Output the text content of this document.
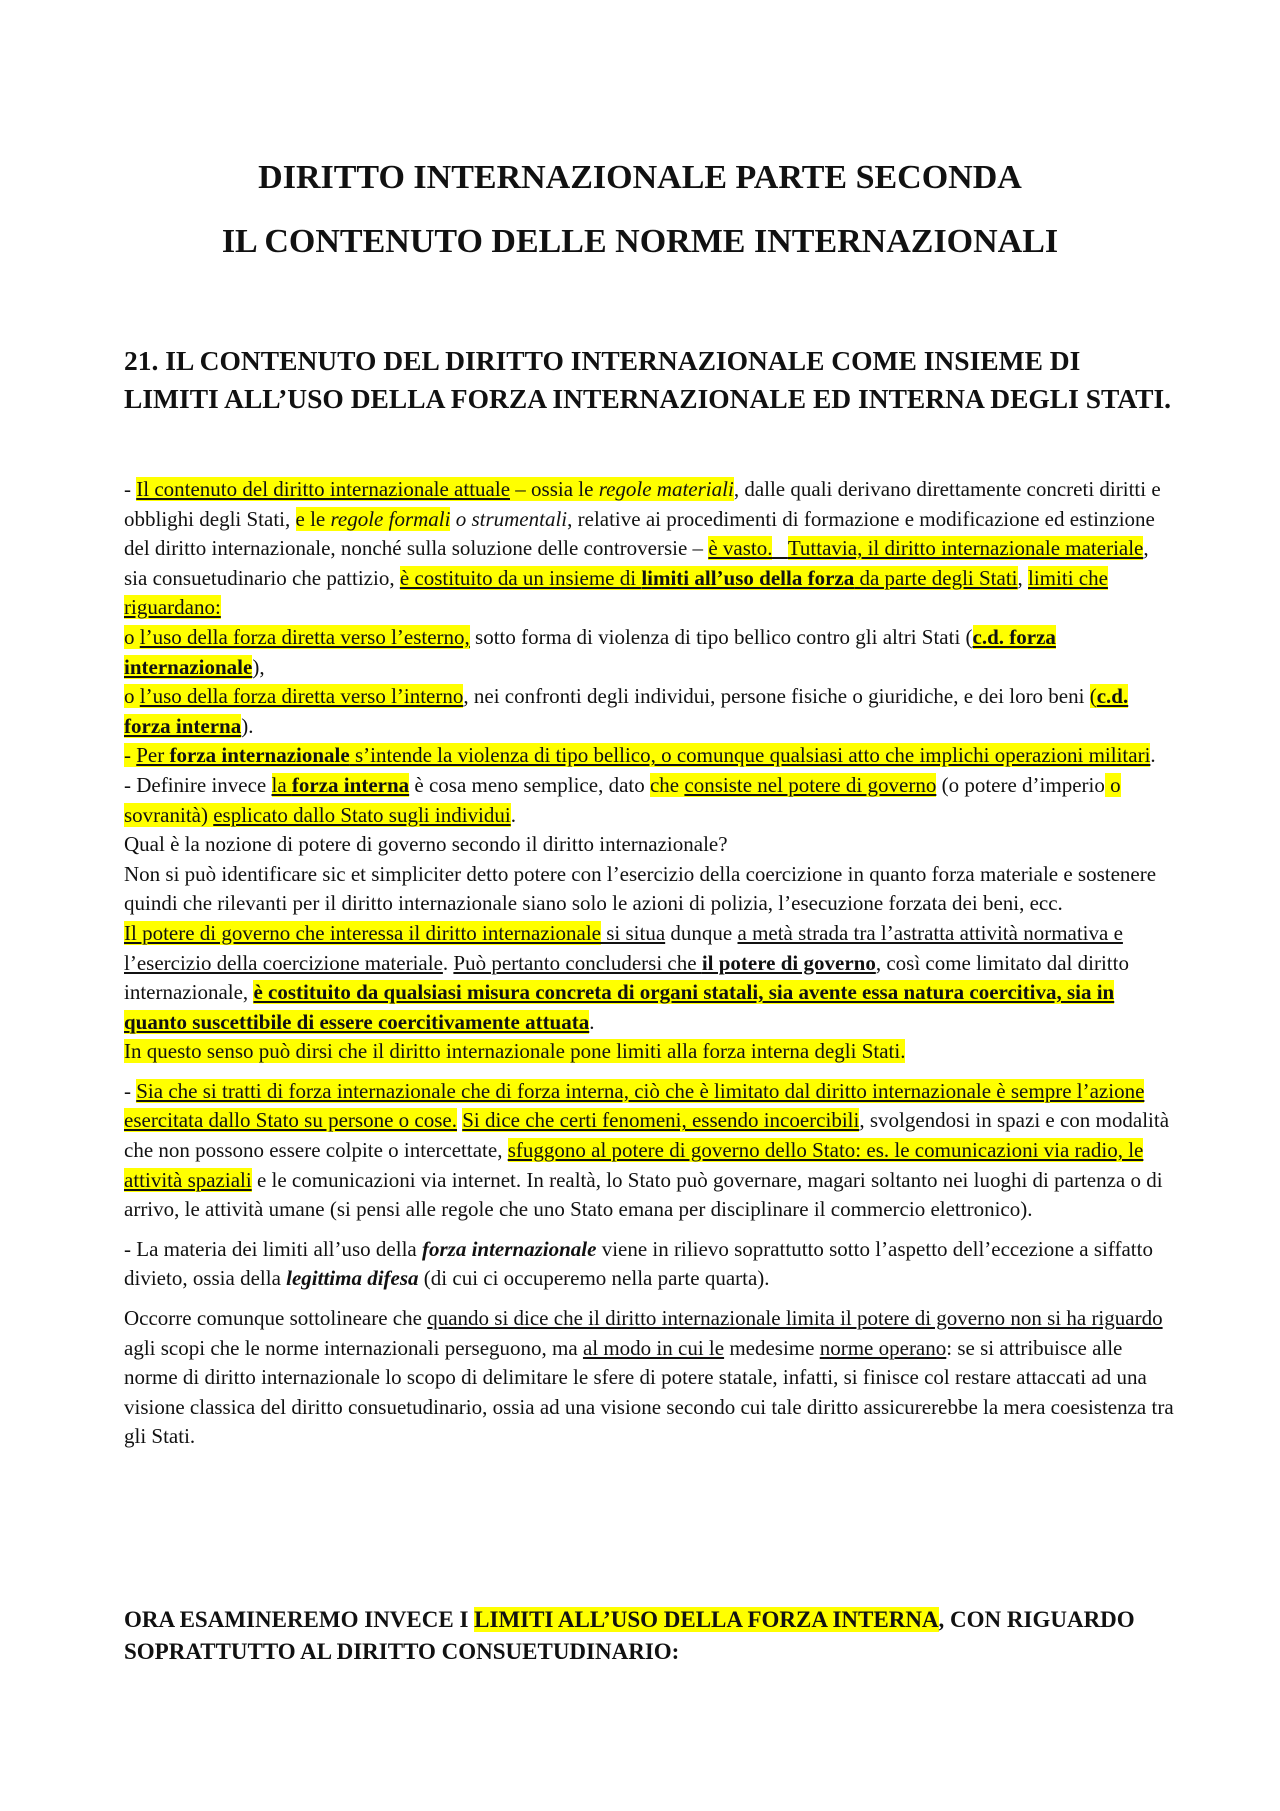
DIRITTO INTERNAZIONALE PARTE SECONDA
IL CONTENUTO DELLE NORME INTERNAZIONALI
21. IL CONTENUTO DEL DIRITTO INTERNAZIONALE COME INSIEME DI LIMITI ALL’USO DELLA FORZA INTERNAZIONALE ED INTERNA DEGLI STATI.

- Il contenuto del diritto internazionale attuale – ossia le regole materiali, dalle quali derivano direttamente concreti diritti e obblighi degli Stati, e le regole formali o strumentali, relative ai procedimenti di formazione e modificazione ed estinzione del diritto internazionale, nonché sulla soluzione delle controversie – è vasto. Tuttavia, il diritto internazionale materiale, sia consuetudinario che pattizio, è costituito da un insieme di limiti all’uso della forza da parte degli Stati, limiti che riguardano:

o l’uso della forza diretta verso l’esterno, sotto forma di violenza di tipo bellico contro gli altri Stati (c.d. forza internazionale),

o l’uso della forza diretta verso l’interno, nei confronti degli individui, persone fisiche o giuridiche, e dei loro beni (c.d. forza interna).

- Per forza internazionale s’intende la violenza di tipo bellico, o comunque qualsiasi atto che implichi operazioni militari.

- Definire invece la forza interna è cosa meno semplice, dato che consiste nel potere di governo (o potere d’imperio o sovranità) esplicato dallo Stato sugli individui.

Qual è la nozione di potere di governo secondo il diritto internazionale?

Non si può identificare sic et simpliciter detto potere con l’esercizio della coercizione in quanto forza materiale e sostenere quindi che rilevanti per il diritto internazionale siano solo le azioni di polizia, l’esecuzione forzata dei beni, ecc.

Il potere di governo che interessa il diritto internazionale si situa dunque a metà strada tra l’astratta attività normativa e l’esercizio della coercizione materiale. Può pertanto concludersi che il potere di governo, così come limitato dal diritto internazionale, è costituito da qualsiasi misura concreta di organi statali, sia avente essa natura coercitiva, sia in quanto suscettibile di essere coercitivamente attuata.

In questo senso può dirsi che il diritto internazionale pone limiti alla forza interna degli Stati.

- Sia che si tratti di forza internazionale che di forza interna, ciò che è limitato dal diritto internazionale è sempre l’azione esercitata dallo Stato su persone o cose. Si dice che certi fenomeni, essendo incoercibili, svolgendosi in spazi e con modalità che non possono essere colpite o intercettate, sfuggono al potere di governo dello Stato: es. le comunicazioni via radio, le attività spaziali e le comunicazioni via internet. In realtà, lo Stato può governare, magari soltanto nei luoghi di partenza o di arrivo, le attività umane (si pensi alle regole che uno Stato emana per disciplinare il commercio elettronico).

- La materia dei limiti all’uso della forza internazionale viene in rilievo soprattutto sotto l’aspetto dell’eccezione a siffatto divieto, ossia della legittima difesa (di cui ci occuperemo nella parte quarta).

Occorre comunque sottolineare che quando si dice che il diritto internazionale limita il potere di governo non si ha riguardo agli scopi che le norme internazionali perseguono, ma al modo in cui le medesime norme operano: se si attribuisce alle norme di diritto internazionale lo scopo di delimitare le sfere di potere statale, infatti, si finisce col restare attaccati ad una visione classica del diritto consuetudinario, ossia ad una visione secondo cui tale diritto assicurerebbe la mera coesistenza tra gli Stati.

ORA ESAMINEREMO INVECE I LIMITI ALL’USO DELLA FORZA INTERNA, CON RIGUARDO SOPRATTUTTO AL DIRITTO CONSUETUDINARIO:
